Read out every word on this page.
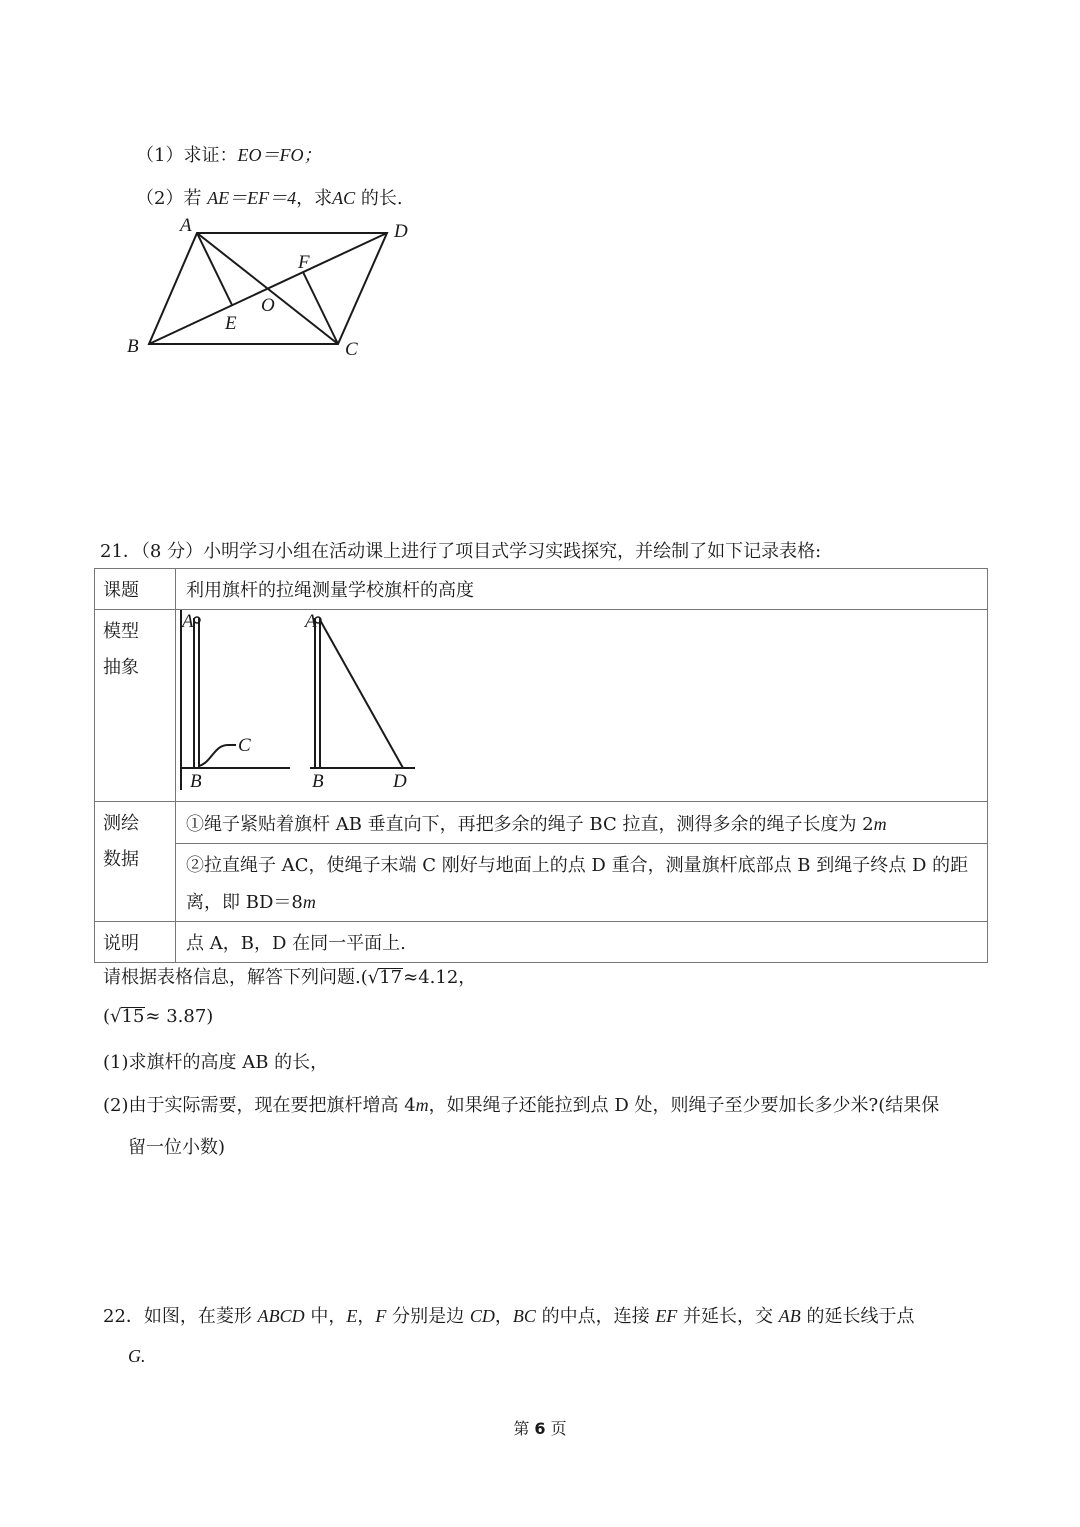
（1）求证：EO＝FO；
（2）若 AE＝EF＝4，求AC 的长.
A	D
B	C
F
O
E
21．（8 分）小明学习小组在活动课上进行了项目式学习实践探究，并绘制了如下记录表格:
课题	利用旗杆的拉绳测量学校旗杆的高度

模型
抽象	

测绘
数据	①绳子紧贴着旗杆 AB 垂直向下，再把多余的绳子 BC 拉直，测得多余的绳子长度为 2m

	②拉直绳子 AC，使绳子末端 C 刚好与地面上的点 D 重合，测量旗杆底部点 B 到绳子终点 D 的距
离，即 BD＝8m

说明	点 A，B，D 在同一平面上.
A
C
B
A
B	D
请根据表格信息，解答下列问题.(√17≈4.12，
(√15≈ 3.87)
(1)求旗杆的高度 AB 的长，
(2)由于实际需要，现在要把旗杆增高 4m，如果绳子还能拉到点 D 处，则绳子至少要加长多少米?(结果保
留一位小数)
22．如图，在菱形 ABCD 中，E，F 分别是边 CD，BC 的中点，连接 EF 并延长，交 AB 的延长线于点
G.
第 6 页
